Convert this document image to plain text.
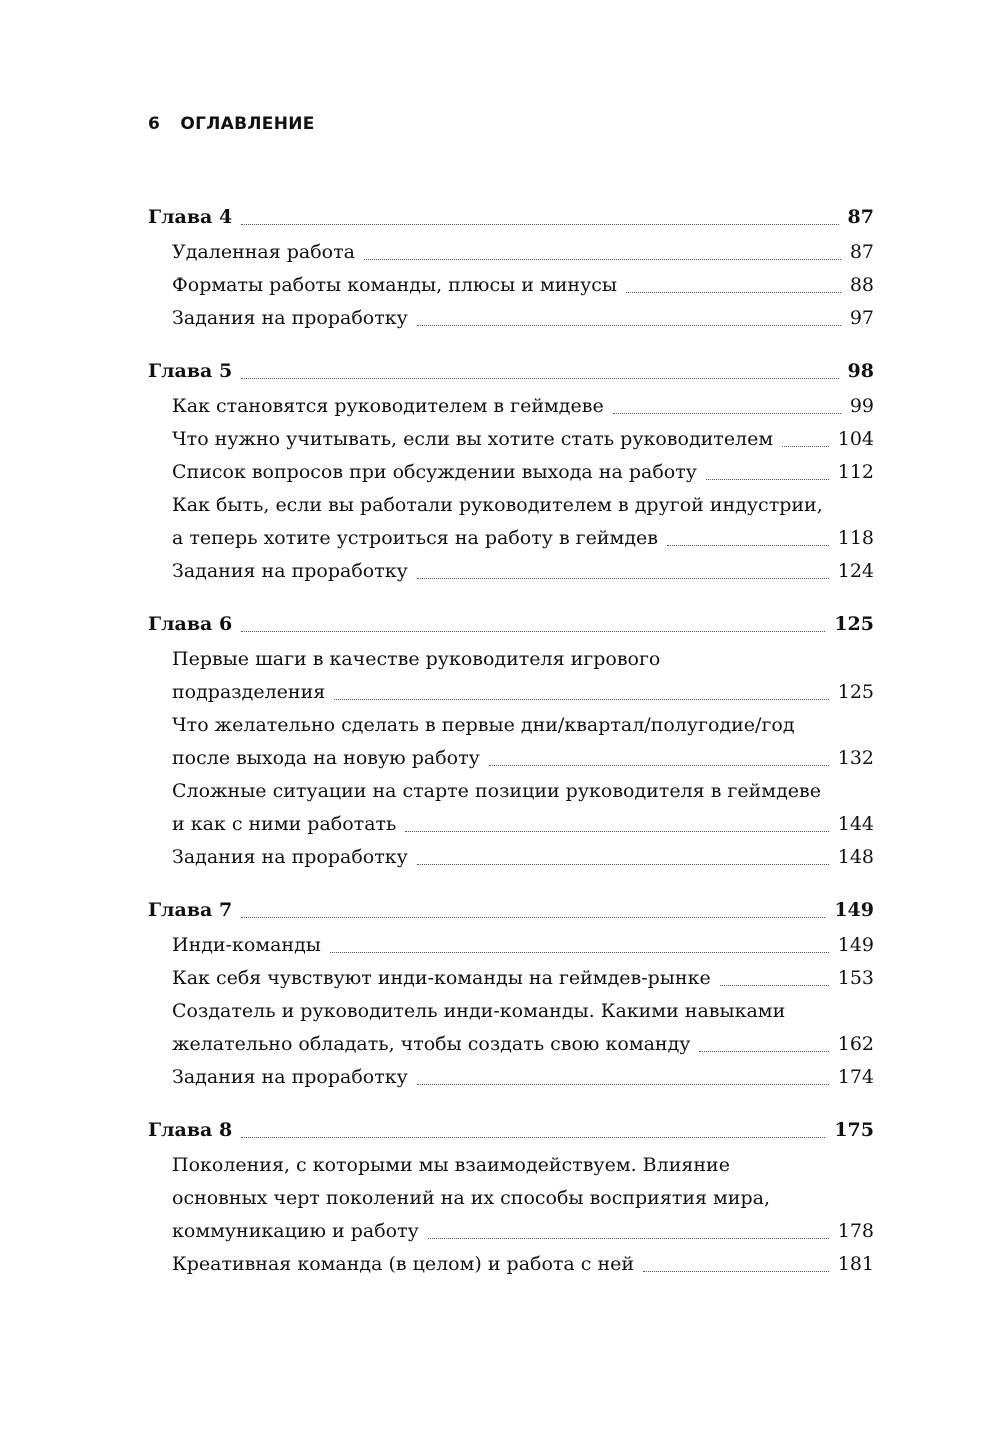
6 ОГЛАВЛЕНИЕ
Глава 4	87
Удаленная работа	87
Форматы работы команды, плюсы и минусы	88
Задания на проработку	97
Глава 5	98
Как становятся руководителем в геймдеве	99
Что нужно учитывать, если вы хотите стать руководителем	104
Список вопросов при обсуждении выхода на работу	112
Как быть, если вы работали руководителем в другой индустрии,
а теперь хотите устроиться на работу в геймдев	118
Задания на проработку	124
Глава 6	125
Первые шаги в качестве руководителя игрового
подразделения	125
Что желательно сделать в первые дни/квартал/полугодие/год
после выхода на новую работу	132
Сложные ситуации на старте позиции руководителя в геймдеве
и как с ними работать	144
Задания на проработку	148
Глава 7	149
Инди-команды	149
Как себя чувствуют инди-команды на геймдев-рынке	153
Создатель и руководитель инди-команды. Какими навыками
желательно обладать, чтобы создать свою команду	162
Задания на проработку	174
Глава 8	175
Поколения, с которыми мы взаимодействуем. Влияние
основных черт поколений на их способы восприятия мира,
коммуникацию и работу	178
Креативная команда (в целом) и работа с ней	181
